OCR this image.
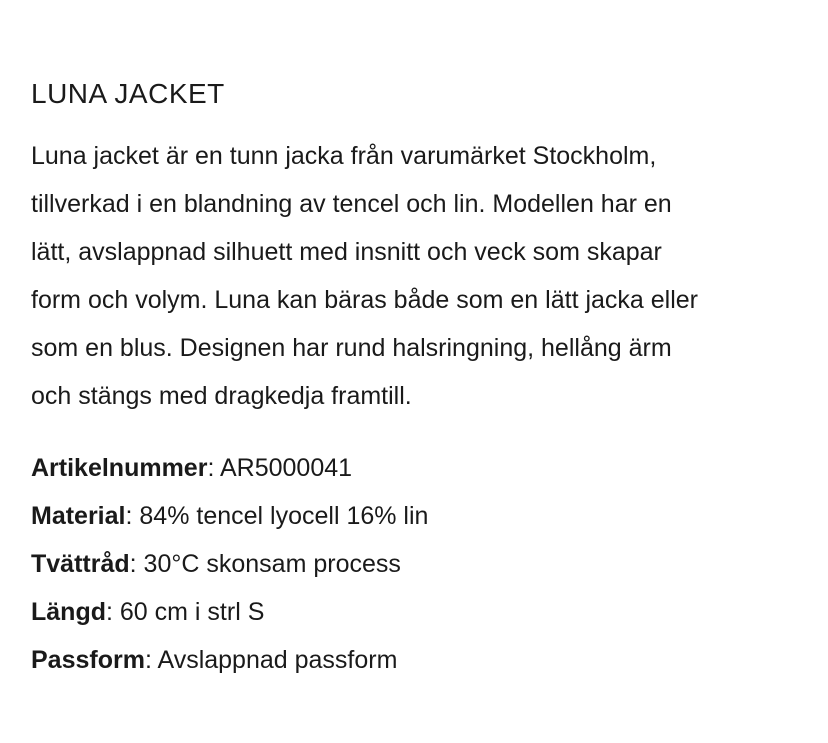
LUNA JACKET

Luna jacket är en tunn jacka från varumärket Stockholm,
tillverkad i en blandning av tencel och lin. Modellen har en
lätt, avslappnad silhuett med insnitt och veck som skapar
form och volym. Luna kan bäras både som en lätt jacka eller
som en blus. Designen har rund halsringning, hellång ärm
och stängs med dragkedja framtill.

Artikelnummer: AR5000041
Material: 84% tencel lyocell 16% lin
Tvättråd: 30°C skonsam process
Längd: 60 cm i strl S
Passform: Avslappnad passform
